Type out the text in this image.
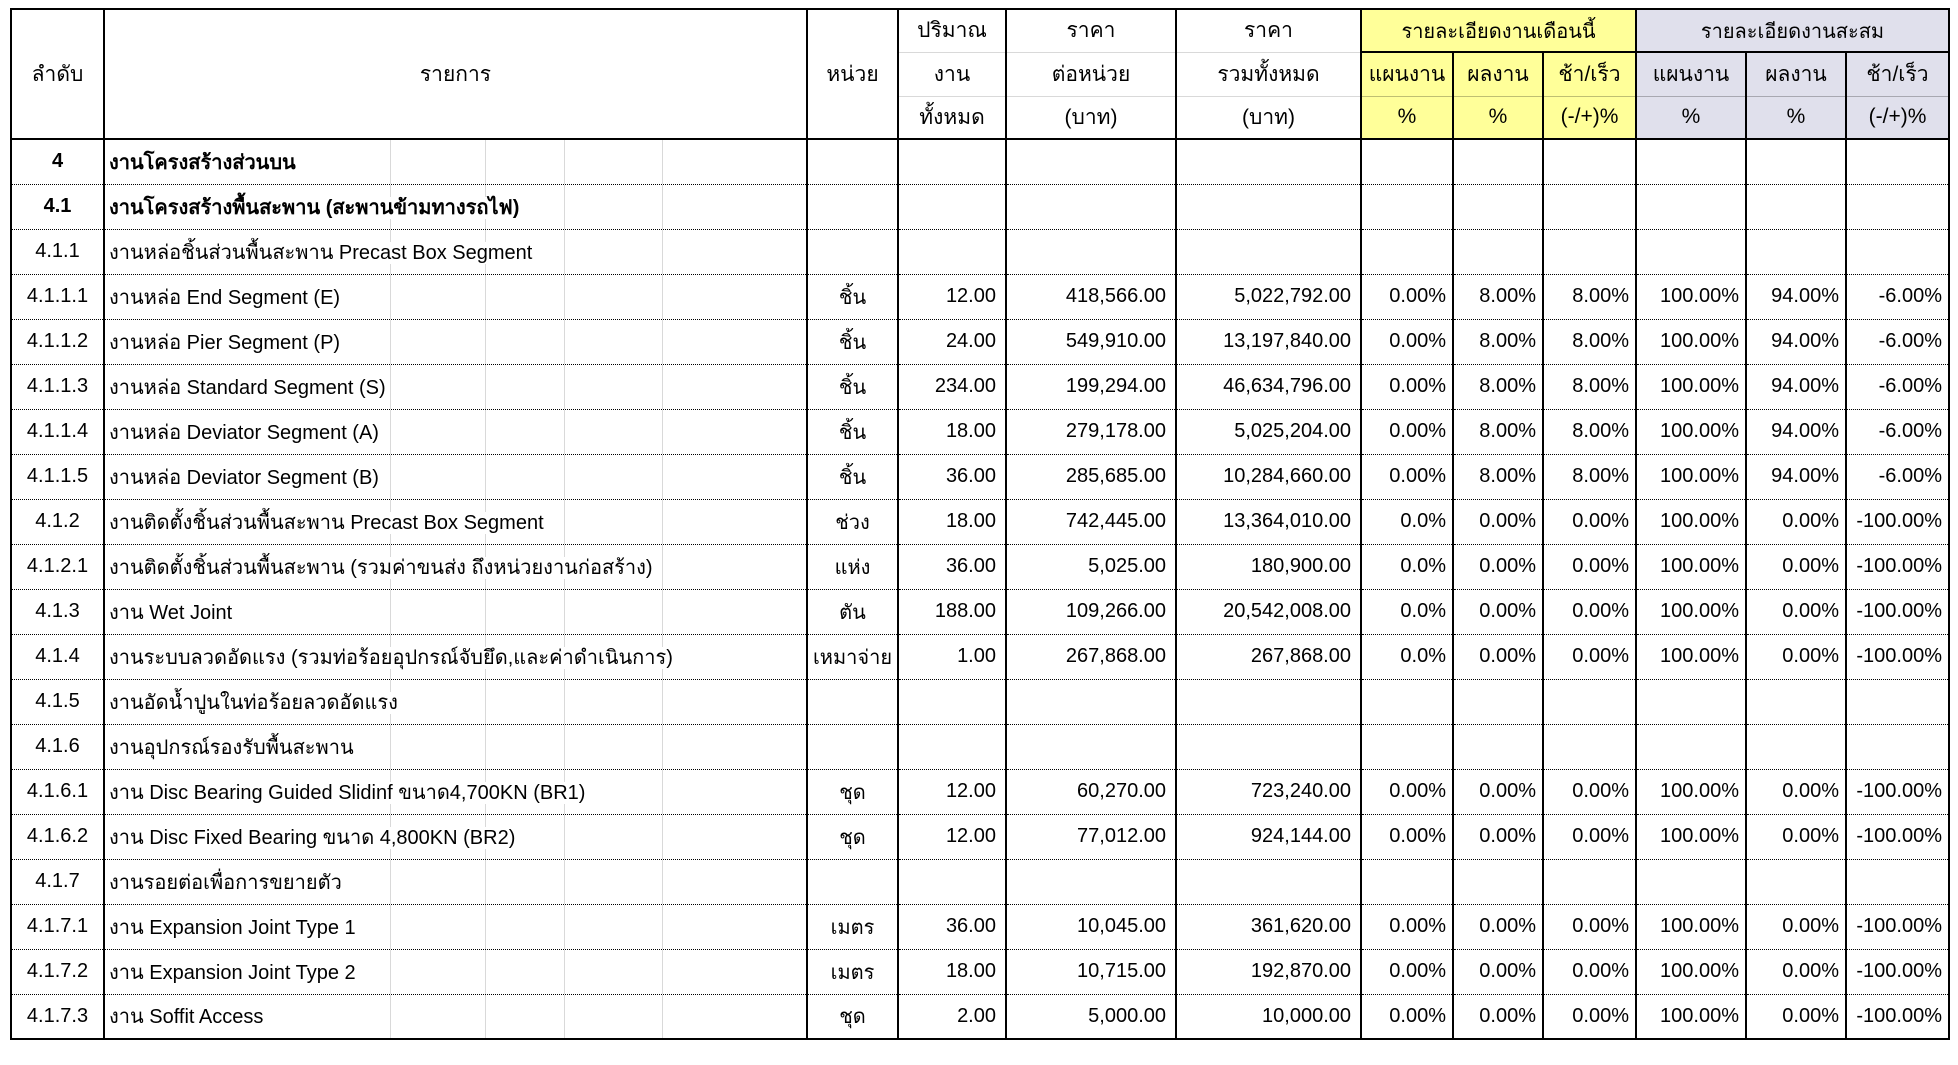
ลำดับ	รายการ	หน่วย	ปริมาณ	ราคา	ราคา	รายละเอียดงานเดือนนี้			รายละเอียดงานสะสม		
			งาน	ต่อหน่วย	รวมทั้งหมด	แผนงาน	ผลงาน	ช้า/เร็ว	แผนงาน	ผลงาน	ช้า/เร็ว
			ทั้งหมด	(บาท)	(บาท)	%	%	(-/+)%	%	%	(-/+)%
4	งานโครงสร้างส่วนบน										
4.1	งานโครงสร้างพื้นสะพาน (สะพานข้ามทางรถไฟ)										
4.1.1	งานหล่อชิ้นส่วนพื้นสะพาน Precast Box Segment										
4.1.1.1	งานหล่อ End Segment (E)	ชิ้น	12.00	418,566.00	5,022,792.00	0.00%	8.00%	8.00%	100.00%	94.00%	-6.00%
4.1.1.2	งานหล่อ Pier Segment (P)	ชิ้น	24.00	549,910.00	13,197,840.00	0.00%	8.00%	8.00%	100.00%	94.00%	-6.00%
4.1.1.3	งานหล่อ Standard Segment (S)	ชิ้น	234.00	199,294.00	46,634,796.00	0.00%	8.00%	8.00%	100.00%	94.00%	-6.00%
4.1.1.4	งานหล่อ Deviator Segment (A)	ชิ้น	18.00	279,178.00	5,025,204.00	0.00%	8.00%	8.00%	100.00%	94.00%	-6.00%
4.1.1.5	งานหล่อ Deviator Segment (B)	ชิ้น	36.00	285,685.00	10,284,660.00	0.00%	8.00%	8.00%	100.00%	94.00%	-6.00%
4.1.2	งานติดตั้งชิ้นส่วนพื้นสะพาน Precast Box Segment	ช่วง	18.00	742,445.00	13,364,010.00	0.0%	0.00%	0.00%	100.00%	0.00%	-100.00%
4.1.2.1	งานติดตั้งชิ้นส่วนพื้นสะพาน (รวมค่าขนส่ง ถึงหน่วยงานก่อสร้าง)	แห่ง	36.00	5,025.00	180,900.00	0.0%	0.00%	0.00%	100.00%	0.00%	-100.00%
4.1.3	งาน Wet Joint	ตัน	188.00	109,266.00	20,542,008.00	0.0%	0.00%	0.00%	100.00%	0.00%	-100.00%
4.1.4	งานระบบลวดอัดแรง (รวมท่อร้อยอุปกรณ์จับยึด,และค่าดำเนินการ)	เหมาจ่าย	1.00	267,868.00	267,868.00	0.0%	0.00%	0.00%	100.00%	0.00%	-100.00%
4.1.5	งานอัดน้ำปูนในท่อร้อยลวดอัดแรง										
4.1.6	งานอุปกรณ์รองรับพื้นสะพาน										
4.1.6.1	งาน Disc Bearing Guided Slidinf ขนาด4,700KN (BR1)	ชุด	12.00	60,270.00	723,240.00	0.00%	0.00%	0.00%	100.00%	0.00%	-100.00%
4.1.6.2	งาน Disc Fixed Bearing ขนาด 4,800KN (BR2)	ชุด	12.00	77,012.00	924,144.00	0.00%	0.00%	0.00%	100.00%	0.00%	-100.00%
4.1.7	งานรอยต่อเพื่อการขยายตัว										
4.1.7.1	งาน Expansion Joint Type 1	เมตร	36.00	10,045.00	361,620.00	0.00%	0.00%	0.00%	100.00%	0.00%	-100.00%
4.1.7.2	งาน Expansion Joint Type 2	เมตร	18.00	10,715.00	192,870.00	0.00%	0.00%	0.00%	100.00%	0.00%	-100.00%
4.1.7.3	งาน Soffit Access	ชุด	2.00	5,000.00	10,000.00	0.00%	0.00%	0.00%	100.00%	0.00%	-100.00%
